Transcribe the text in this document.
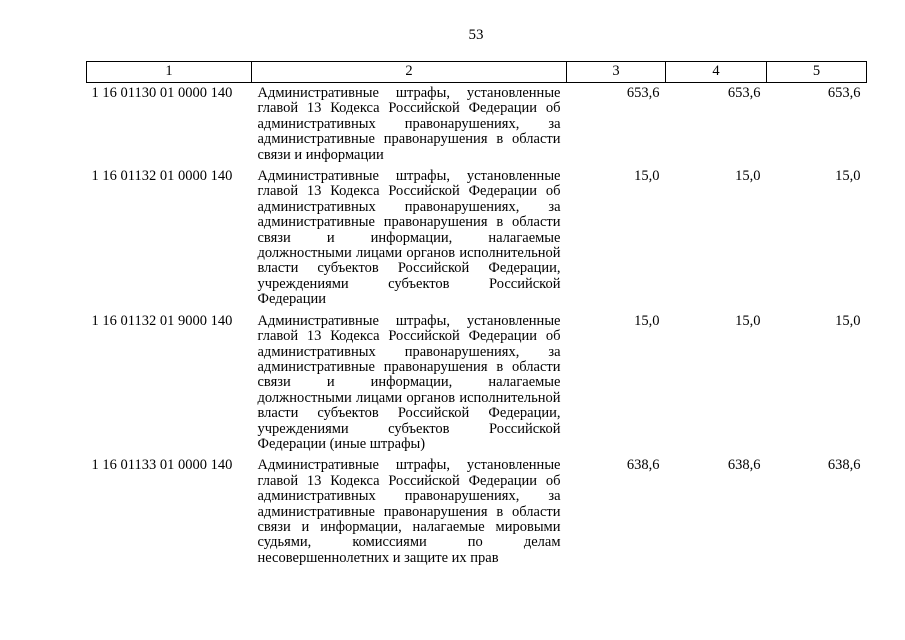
53
1	2	3	4	5
1 16 01130 01 0000 140	Административные штрафы, установленные главой 13 Кодекса Российской Федерации об административных правонарушениях, за административные правонарушения в области связи и информации	653,6	653,6	653,6
1 16 01132 01 0000 140	Административные штрафы, установленные главой 13 Кодекса Российской Федерации об административных правонарушениях, за административные правонарушения в области связи и информации, налагаемые должностными лицами органов исполнительной власти субъектов Российской Федерации, учреждениями субъектов Российской Федерации	15,0	15,0	15,0
1 16 01132 01 9000 140	Административные штрафы, установленные главой 13 Кодекса Российской Федерации об административных правонарушениях, за административные правонарушения в области связи и информации, налагаемые должностными лицами органов исполнительной власти субъектов Российской Федерации, учреждениями субъектов Российской Федерации (иные штрафы)	15,0	15,0	15,0
1 16 01133 01 0000 140	Административные штрафы, установленные главой 13 Кодекса Российской Федерации об административных правонарушениях, за административные правонарушения в области связи и информации, налагаемые мировыми судьями, комиссиями по делам несовершеннолетних и защите их прав	638,6	638,6	638,6
